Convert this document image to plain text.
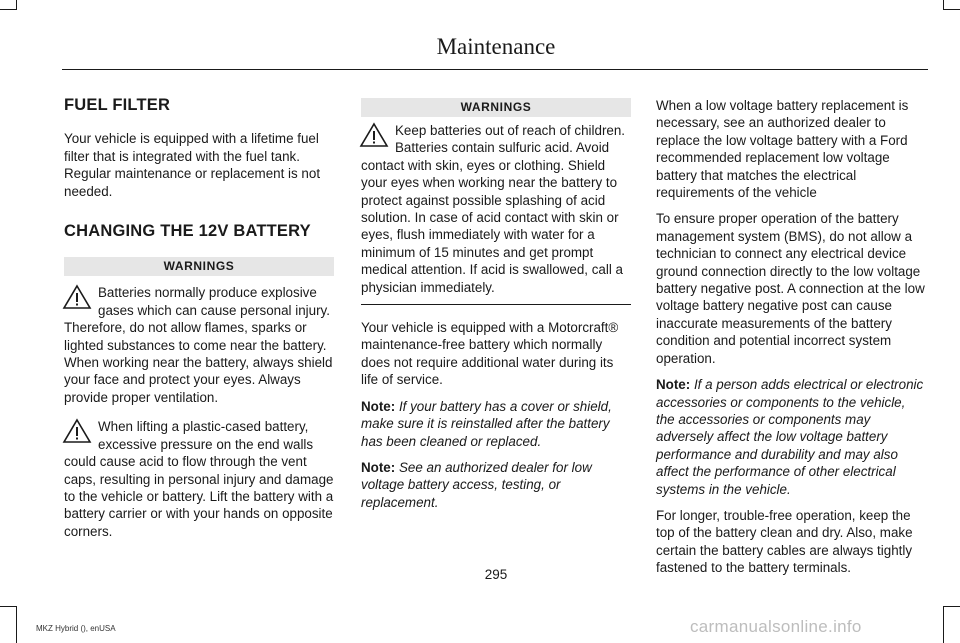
Maintenance

FUEL FILTER

Your vehicle is equipped with a lifetime fuel filter that is integrated with the fuel tank. Regular maintenance or replacement is not needed.

CHANGING THE 12V BATTERY

WARNINGS
Batteries normally produce explosive gases which can cause personal injury. Therefore, do not allow flames, sparks or lighted substances to come near the battery. When working near the battery, always shield your face and protect your eyes. Always provide proper ventilation.
When lifting a plastic-cased battery, excessive pressure on the end walls could cause acid to flow through the vent caps, resulting in personal injury and damage to the vehicle or battery. Lift the battery with a battery carrier or with your hands on opposite corners.
WARNINGS
Keep batteries out of reach of children. Batteries contain sulfuric acid. Avoid contact with skin, eyes or clothing. Shield your eyes when working near the battery to protect against possible splashing of acid solution. In case of acid contact with skin or eyes, flush immediately with water for a minimum of 15 minutes and get prompt medical attention. If acid is swallowed, call a physician immediately.

Your vehicle is equipped with a Motorcraft® maintenance-free battery which normally does not require additional water during its life of service.

Note: If your battery has a cover or shield, make sure it is reinstalled after the battery has been cleaned or replaced.

Note: See an authorized dealer for low voltage battery access, testing, or replacement.

When a low voltage battery replacement is necessary, see an authorized dealer to replace the low voltage battery with a Ford recommended replacement low voltage battery that matches the electrical requirements of the vehicle

To ensure proper operation of the battery management system (BMS), do not allow a technician to connect any electrical device ground connection directly to the low voltage battery negative post. A connection at the low voltage battery negative post can cause inaccurate measurements of the battery condition and potential incorrect system operation.

Note: If a person adds electrical or electronic accessories or components to the vehicle, the accessories or components may adversely affect the low voltage battery performance and durability and may also affect the performance of other electrical systems in the vehicle.

For longer, trouble-free operation, keep the top of the battery clean and dry. Also, make certain the battery cables are always tightly fastened to the battery terminals.

295
MKZ Hybrid (), enUSA	carmanualsonline.info
